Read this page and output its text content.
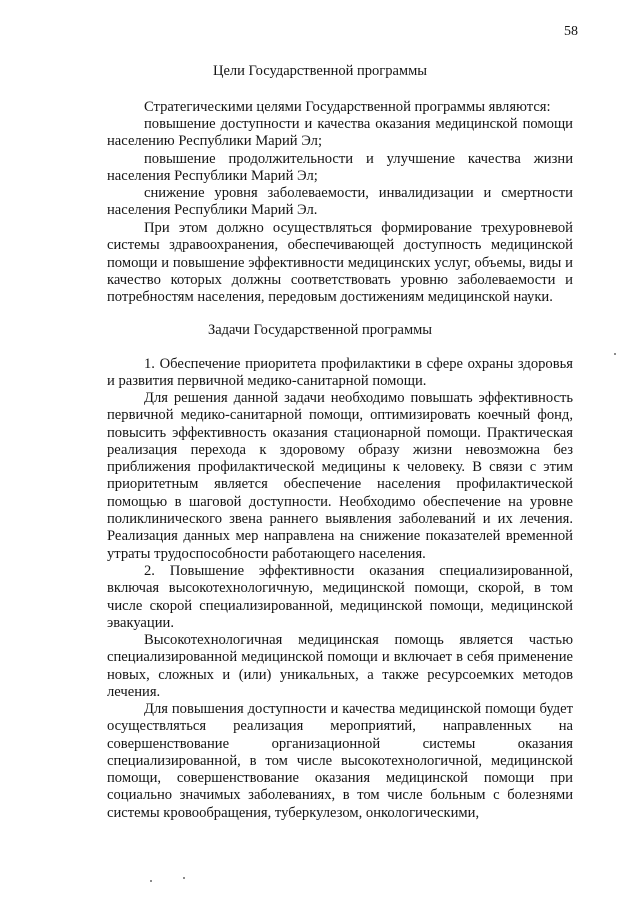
58
Цели Государственной программы

Стратегическими целями Государственной программы являются:

повышение доступности и качества оказания медицинской помощи населению Республики Марий Эл;

повышение продолжительности и улучшение качества жизни населения Республики Марий Эл;

снижение уровня заболеваемости, инвалидизации и смертности населения Республики Марий Эл.

При этом должно осуществляться формирование трехуровневой системы здравоохранения, обеспечивающей доступность медицинской помощи и повышение эффективности медицинских услуг, объемы, виды и качество которых должны соответствовать уровню заболеваемости и потребностям населения, передовым достижениям медицинской науки.

Задачи Государственной программы

1. Обеспечение приоритета профилактики в сфере охраны здоровья и развития первичной медико-санитарной помощи.

Для решения данной задачи необходимо повышать эффективность первичной медико-санитарной помощи, оптимизировать коечный фонд, повысить эффективность оказания стационарной помощи. Практическая реализация перехода к здоровому образу жизни невозможна без приближения профилактической медицины к человеку. В связи с этим приоритетным является обеспечение населения профилактической помощью в шаговой доступности. Необходимо обеспечение на уровне поликлинического звена раннего выявления заболеваний и их лечения. Реализация данных мер направлена на снижение показателей временной утраты трудоспособности работающего населения.

2. Повышение эффективности оказания специализированной, включая высокотехнологичную, медицинской помощи, скорой, в том числе скорой специализированной, медицинской помощи, медицинской эвакуации.

Высокотехнологичная медицинская помощь является частью специализированной медицинской помощи и включает в себя применение новых, сложных и (или) уникальных, а также ресурсоемких методов лечения.

Для повышения доступности и качества медицинской помощи будет осуществляться реализация мероприятий, направленных на совершенствование организационной системы оказания специализированной, в том числе высокотехнологичной, медицинской помощи, совершенствование оказания медицинской помощи при социально значимых заболеваниях, в том числе больным с болезнями системы кровообращения, туберкулезом, онкологическими,
